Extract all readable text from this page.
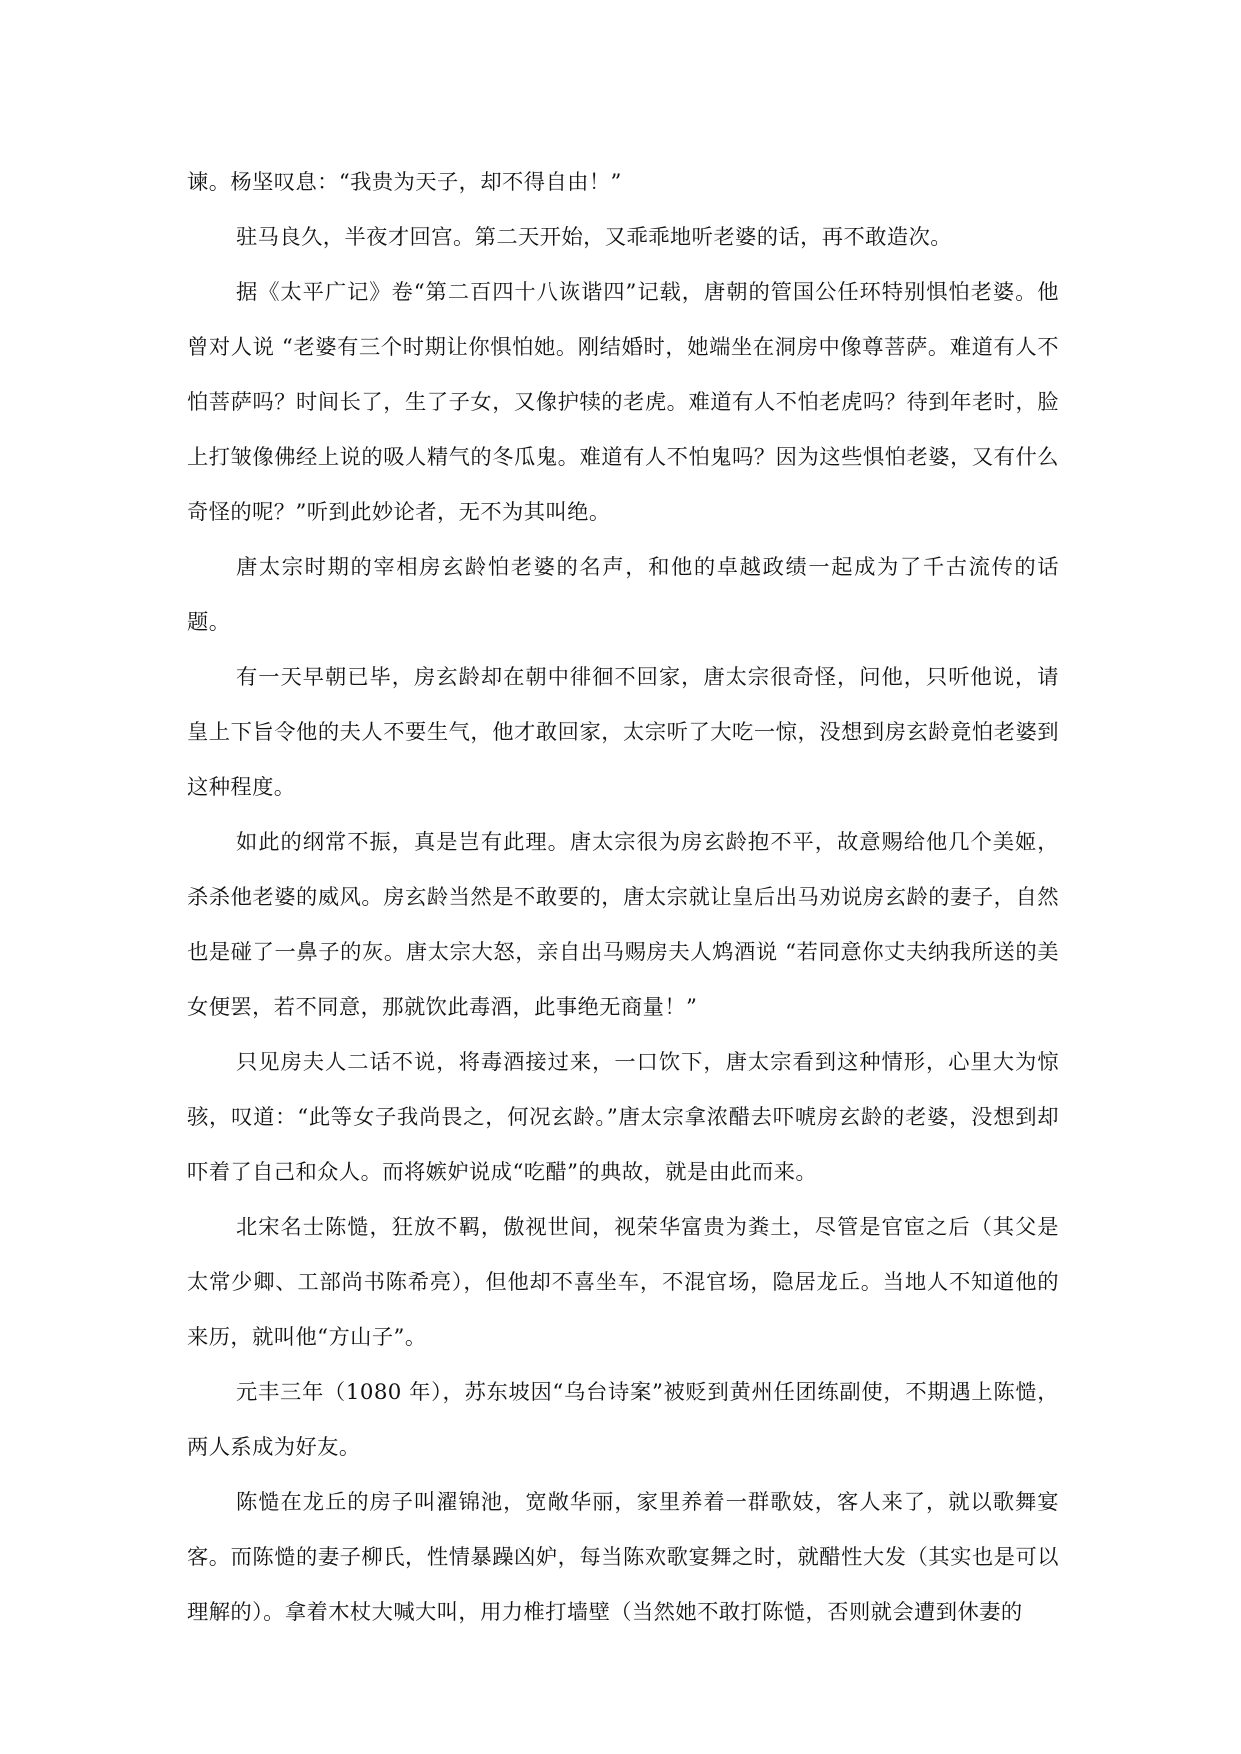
谏。杨坚叹息：“我贵为天子，却不得自由！”

驻马良久，半夜才回宫。第二天开始，又乖乖地听老婆的话，再不敢造次。

据《太平广记》卷“第二百四十八诙谐四”记载，唐朝的管国公任环特别惧怕老婆。他曾对人说 “老婆有三个时期让你惧怕她。刚结婚时，她端坐在洞房中像尊菩萨。难道有人不怕菩萨吗？时间长了，生了子女，又像护犊的老虎。难道有人不怕老虎吗？待到年老时，脸上打皱像佛经上说的吸人精气的冬瓜鬼。难道有人不怕鬼吗？因为这些惧怕老婆，又有什么奇怪的呢？”听到此妙论者，无不为其叫绝。

唐太宗时期的宰相房玄龄怕老婆的名声，和他的卓越政绩一起成为了千古流传的话题。

有一天早朝已毕，房玄龄却在朝中徘徊不回家，唐太宗很奇怪，问他，只听他说，请皇上下旨令他的夫人不要生气，他才敢回家，太宗听了大吃一惊，没想到房玄龄竟怕老婆到这种程度。

如此的纲常不振，真是岂有此理。唐太宗很为房玄龄抱不平，故意赐给他几个美姬，杀杀他老婆的威风。房玄龄当然是不敢要的，唐太宗就让皇后出马劝说房玄龄的妻子，自然也是碰了一鼻子的灰。唐太宗大怒，亲自出马赐房夫人鸩酒说 “若同意你丈夫纳我所送的美女便罢，若不同意，那就饮此毒酒，此事绝无商量！”

只见房夫人二话不说，将毒酒接过来，一口饮下，唐太宗看到这种情形，心里大为惊骇，叹道：“此等女子我尚畏之，何况玄龄。”唐太宗拿浓醋去吓唬房玄龄的老婆，没想到却吓着了自己和众人。而将嫉妒说成“吃醋”的典故，就是由此而来。

北宋名士陈慥，狂放不羁，傲视世间，视荣华富贵为粪土，尽管是官宦之后（其父是太常少卿、工部尚书陈希亮），但他却不喜坐车，不混官场，隐居龙丘。当地人不知道他的来历，就叫他“方山子”。

元丰三年（1080 年），苏东坡因“乌台诗案”被贬到黄州任团练副使，不期遇上陈慥，两人系成为好友。

陈慥在龙丘的房子叫濯锦池，宽敞华丽，家里养着一群歌妓，客人来了，就以歌舞宴客。而陈慥的妻子柳氏，性情暴躁凶妒，每当陈欢歌宴舞之时，就醋性大发（其实也是可以理解的）。拿着木杖大喊大叫，用力椎打墙壁（当然她不敢打陈慥，否则就会遭到休妻的
